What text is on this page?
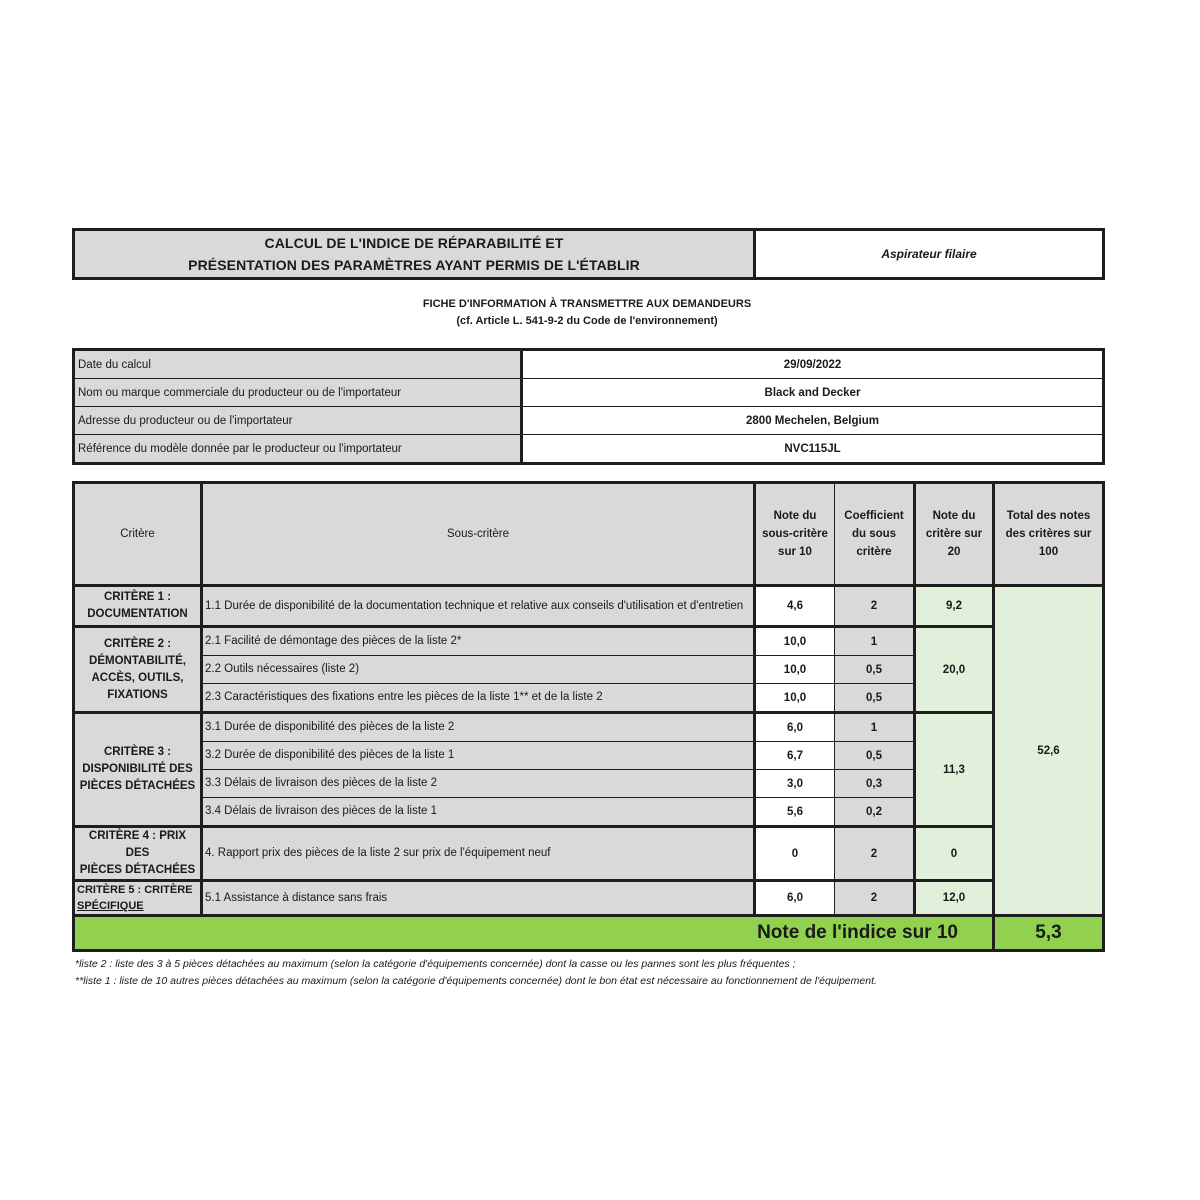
CALCUL DE L'INDICE DE RÉPARABILITÉ ET
PRÉSENTATION DES PARAMÈTRES AYANT PERMIS DE L'ÉTABLIR
	Aspirateur filaire
FICHE D'INFORMATION À TRANSMETTRE AUX DEMANDEURS
(cf. Article L. 541-9-2 du Code de l'environnement)
Date du calcul	29/09/2022
Nom ou marque commerciale du producteur ou de l'importateur	Black and Decker
Adresse du producteur ou de l'importateur	2800 Mechelen, Belgium
Référence du modèle donnée par le producteur ou l'importateur	NVC115JL
Critère	Sous-critère	Note du sous-critère sur 10	Coefficient du sous critère	Note du critère sur 20	Total des notes des critères sur 100

CRITÈRE 1 :
DOCUMENTATION	1.1 Durée de disponibilité de la documentation technique et relative aux conseils d'utilisation et d'entretien	4,6	2	9,2	52,6

CRITÈRE 2 :
DÉMONTABILITÉ,
ACCÈS, OUTILS,
FIXATIONS	2.1 Facilité de démontage des pièces de la liste 2*	10,0	1	20,0	
	2.2 Outils nécessaires (liste 2)	10,0	0,5		
	2.3 Caractéristiques des fixations entre les pièces de la liste 1** et de la liste 2	10,0	0,5		

CRITÈRE 3 :
DISPONIBILITÉ DES
PIÈCES DÉTACHÉES	3.1 Durée de disponibilité des pièces de la liste 2	6,0	1	11,3	
	3.2 Durée de disponibilité des pièces de la liste 1	6,7	0,5		
	3.3 Délais de livraison des pièces de la liste 2	3,0	0,3		
	3.4 Délais de livraison des pièces de la liste 1	5,6	0,2		

CRITÈRE 4 : PRIX DES
PIÈCES DÉTACHÉES	4. Rapport prix des pièces de la liste 2 sur prix de l'équipement neuf	0	2	0	

CRITÈRE 5 : CRITÈRE
SPÉCIFIQUE	5.1 Assistance à distance sans frais	6,0	2	12,0	
Note de l'indice sur 10					5,3
*liste 2 : liste des 3 à 5 pièces détachées au maximum (selon la catégorie d'équipements concernée) dont la casse ou les pannes sont les plus fréquentes ;
**liste 1 : liste de 10 autres pièces détachées au maximum (selon la catégorie d'équipements concernée) dont le bon état est nécessaire au fonctionnement de l'équipement.
